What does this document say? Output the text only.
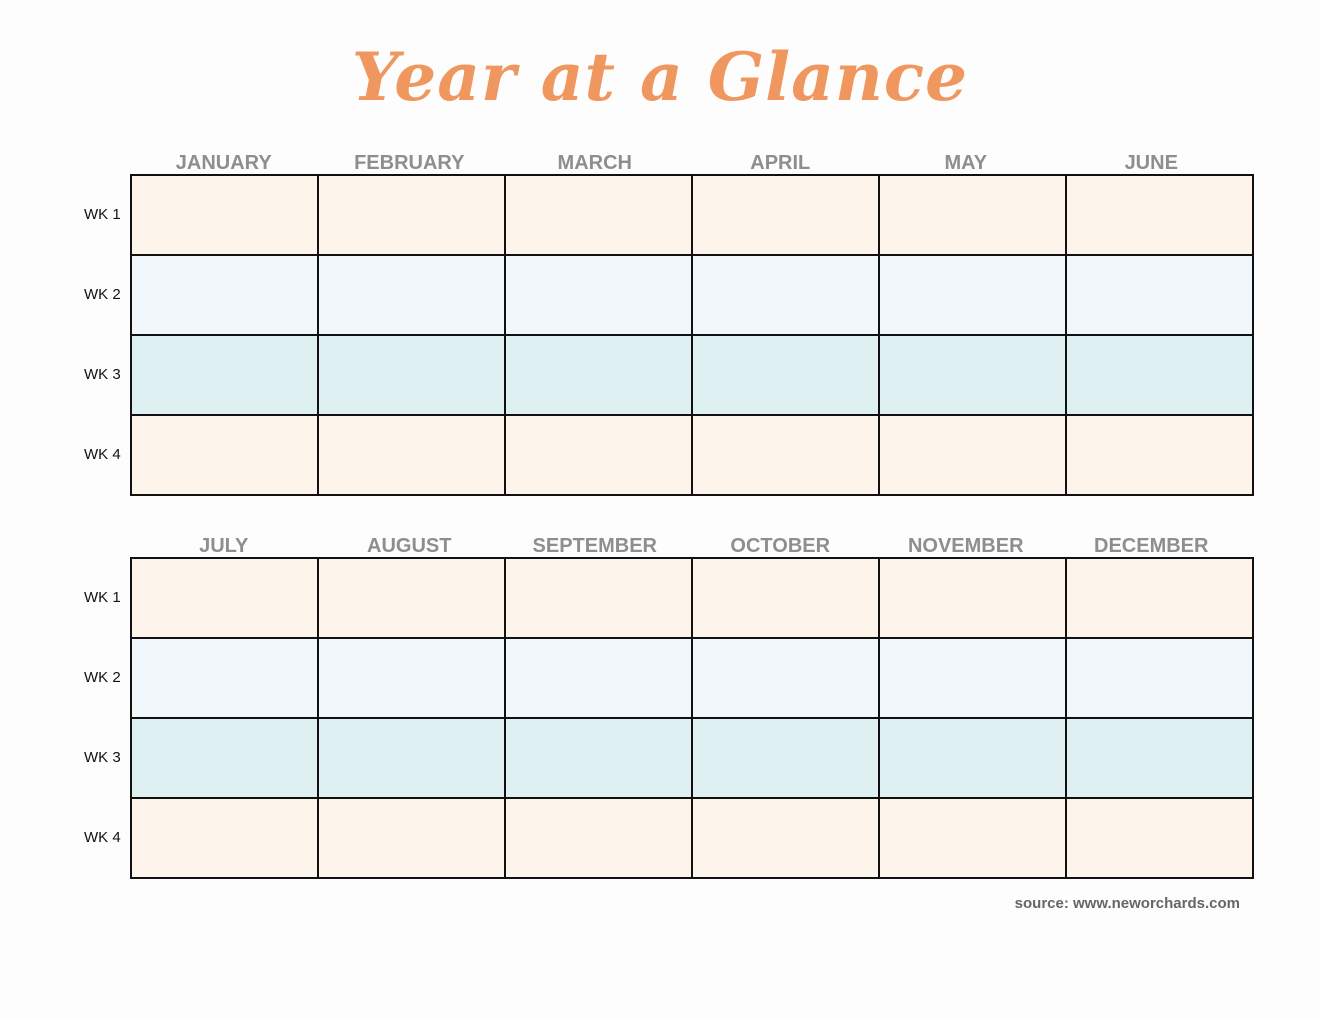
Year at a Glance
JANUARY	FEBRUARY	MARCH	APRIL	MAY	JUNE
WK 1
WK 2
WK 3
WK 4

JULY	AUGUST	SEPTEMBER	OCTOBER	NOVEMBER	DECEMBER
WK 1
WK 2
WK 3
WK 4

source: www.neworchards.com
